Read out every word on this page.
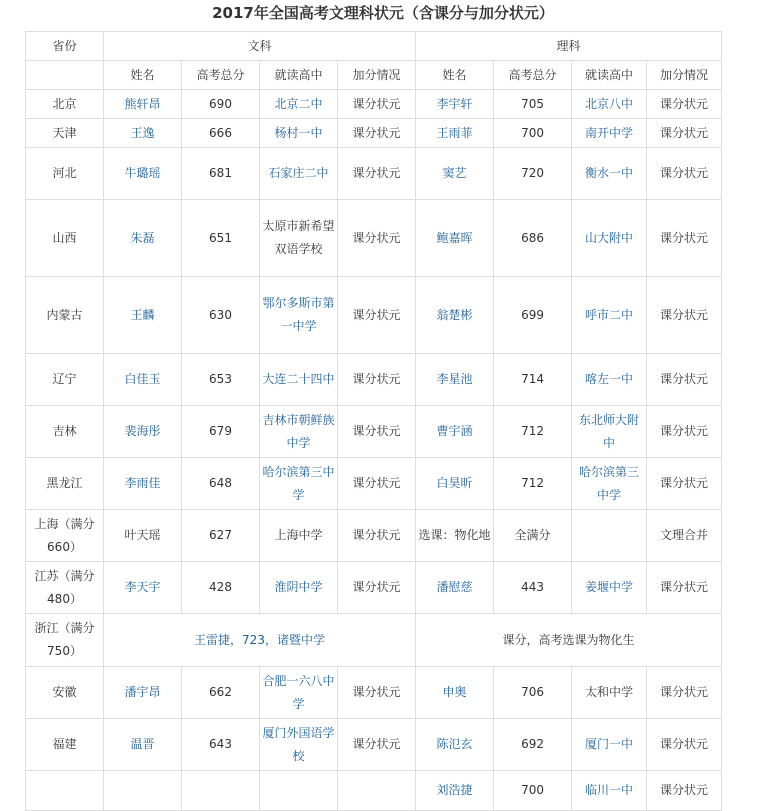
2017年全国高考文理科状元（含课分与加分状元）
省份	文科				理科			
	姓名	高考总分	就读高中	加分情况	姓名	高考总分	就读高中	加分情况
北京	熊轩昂	690	北京二中	课分状元	李宇轩	705	北京八中	课分状元
天津	王逸	666	杨村一中	课分状元	王雨菲	700	南开中学	课分状元
河北	牛璐瑶	681	石家庄二中	课分状元	窦艺	720	衡水一中	课分状元
山西	朱磊	651	太原市新希望双语学校	课分状元	鲍嘉晖	686	山大附中	课分状元
内蒙古	王麟	630	鄂尔多斯市第一中学	课分状元	翁楚彬	699	呼市二中	课分状元
辽宁	白佳玉	653	大连二十四中	课分状元	李星池	714	喀左一中	课分状元
吉林	裴海彤	679	吉林市朝鲜族中学	课分状元	曹宇涵	712	东北师大附中	课分状元
黑龙江	李雨佳	648	哈尔滨第三中学	课分状元	白昊昕	712	哈尔滨第三中学	课分状元
上海（满分660）	叶天瑶	627	上海中学	课分状元	选课：物化地	全满分		文理合并
江苏（满分480）	李天宇	428	淮阴中学	课分状元	潘慰慈	443	姜堰中学	课分状元
浙江（满分750）	王雷捷，723，诸暨中学				课分，高考选课为物化生			
安徽	潘宇昂	662	合肥一六八中学	课分状元	申奥	706	太和中学	课分状元
福建	温晋	643	厦门外国语学校	课分状元	陈氾玄	692	厦门一中	课分状元
					刘浩捷	700	临川一中	课分状元
